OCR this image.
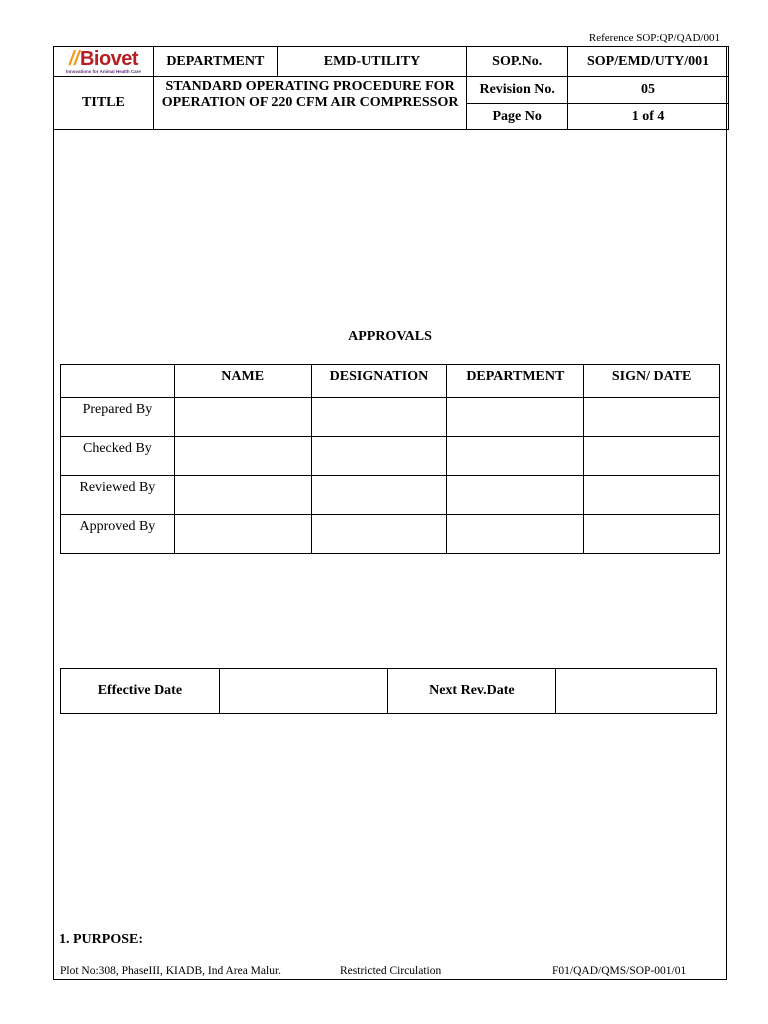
Reference SOP:QP/QAD/001
//Biovet
Innovations for Animal Health Care	DEPARTMENT	EMD-UTILITY	SOP.No.	SOP/EMD/UTY/001
TITLE	STANDARD OPERATING PROCEDURE FOR OPERATION OF 220 CFM AIR COMPRESSOR		Revision No.	05
			Page No	1 of 4
APPROVALS
	NAME	DESIGNATION	DEPARTMENT	SIGN/ DATE
Prepared By				
Checked By				
Reviewed By				
Approved By				
Effective Date		Next Rev.Date	
1. PURPOSE:
Plot No:308, PhaseIII, KIADB, Ind Area Malur.	Restricted Circulation	F01/QAD/QMS/SOP-001/01
